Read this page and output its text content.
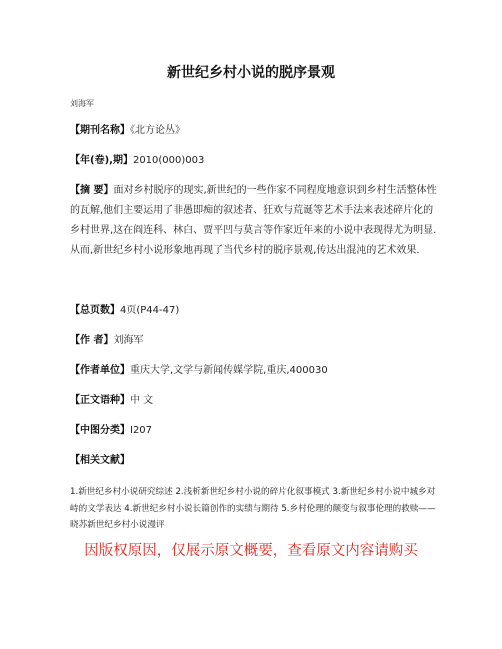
新世纪乡村小说的脱序景观
刘海军
【期刊名称】《北方论丛》
【年(卷),期】2010(000)003
【摘 要】面对乡村脱序的现实,新世纪的一些作家不同程度地意识到乡村生活整体性的瓦解,他们主要运用了非愚即痴的叙述者、狂欢与荒诞等艺术手法来表述碎片化的乡村世界,这在阎连科、林白、贾平凹与莫言等作家近年来的小说中表现得尤为明显.从而,新世纪乡村小说形象地再现了当代乡村的脱序景观,传达出混沌的艺术效果.
【总页数】4页(P44-47)
【作 者】刘海军
【作者单位】重庆大学,文学与新闻传媒学院,重庆,400030
【正文语种】中 文
【中图分类】I207
【相关文献】
1.新世纪乡村小说研究综述 2.浅析新世纪乡村小说的碎片化叙事模式 3.新世纪乡村小说中城乡对峙的文学表达 4.新世纪乡村小说长篇创作的实绩与期待 5.乡村伦理的颠变与叙事伦理的救赎——晓苏新世纪乡村小说漫评
因版权原因，仅展示原文概要，查看原文内容请购买
